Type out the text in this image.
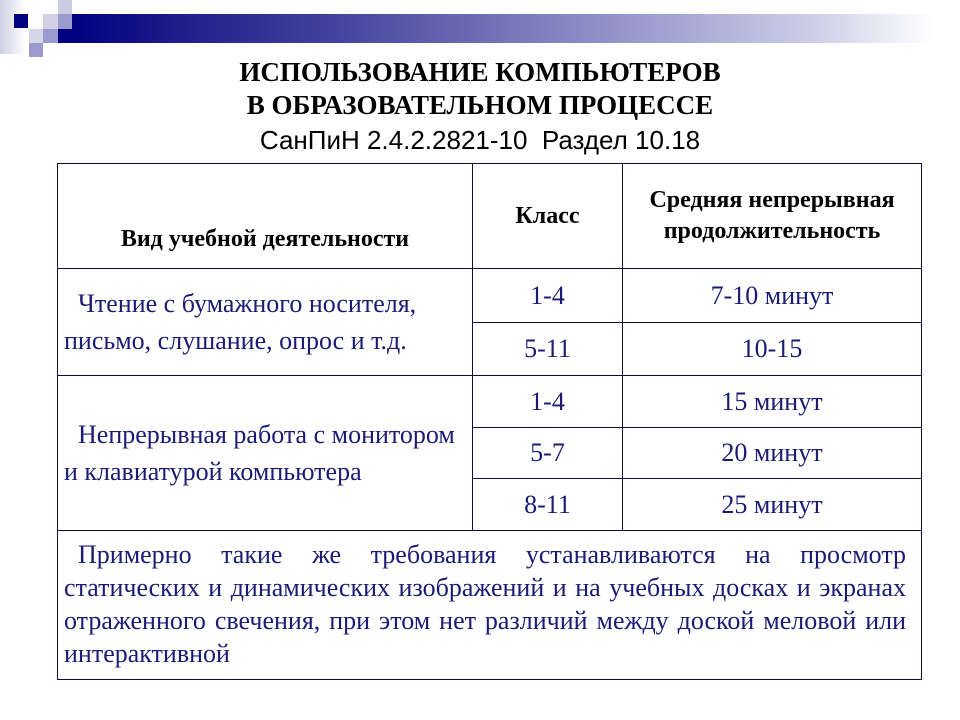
ИСПОЛЬЗОВАНИЕ КОМПЬЮТЕРОВ
В ОБРАЗОВАТЕЛЬНОМ ПРОЦЕССЕ
СанПиН 2.4.2.2821-10  Раздел 10.18
Вид учебной деятельности	Класс	Средняя непрерывная продолжительность
Чтение с бумажного носителя, письмо, слушание, опрос и т.д.	1-4	7-10 минут
	5-11	10-15
Непрерывная работа с монитором и клавиатурой компьютера	1-4	15 минут
	5-7	20 минут
	8-11	25 минут
Примерно такие же требования устанавливаются на просмотр статических и динамических изображений и на учебных досках и экранах отраженного свечения, при этом нет различий между доской меловой или интерактивной		
